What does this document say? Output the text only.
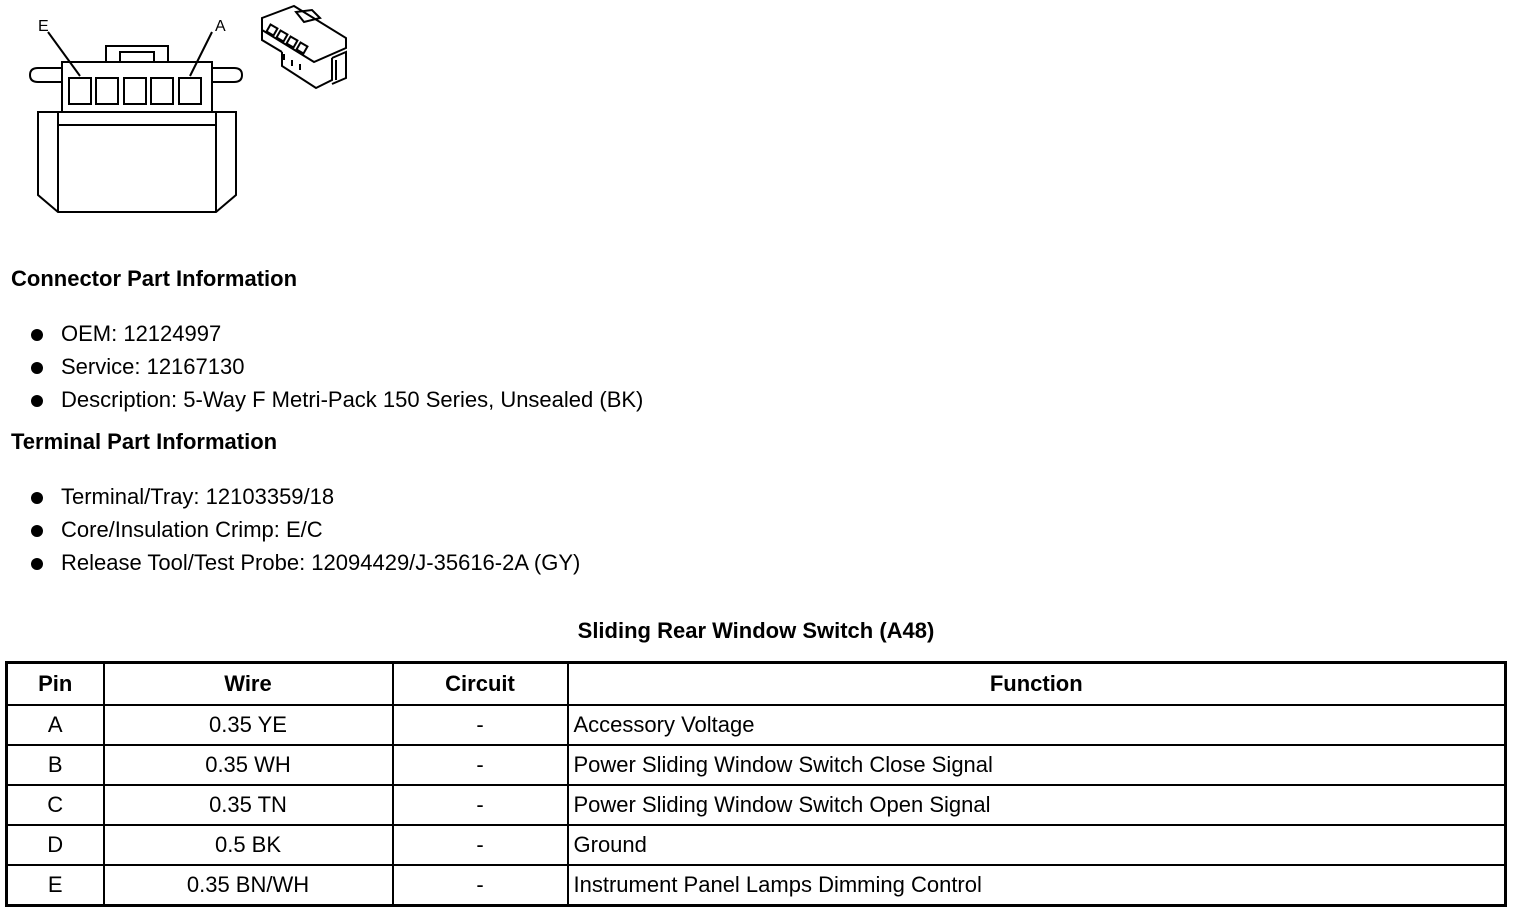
E	A
Connector Part Information
OEM: 12124997
Service: 12167130
Description: 5-Way F Metri-Pack 150 Series, Unsealed (BK)
Terminal Part Information
Terminal/Tray: 12103359/18
Core/Insulation Crimp: E/C
Release Tool/Test Probe: 12094429/J-35616-2A (GY)
Sliding Rear Window Switch (A48)
Pin	Wire	Circuit	Function
A	0.35 YE	-	Accessory Voltage
B	0.35 WH	-	Power Sliding Window Switch Close Signal
C	0.35 TN	-	Power Sliding Window Switch Open Signal
D	0.5 BK	-	Ground
E	0.35 BN/WH	-	Instrument Panel Lamps Dimming Control
